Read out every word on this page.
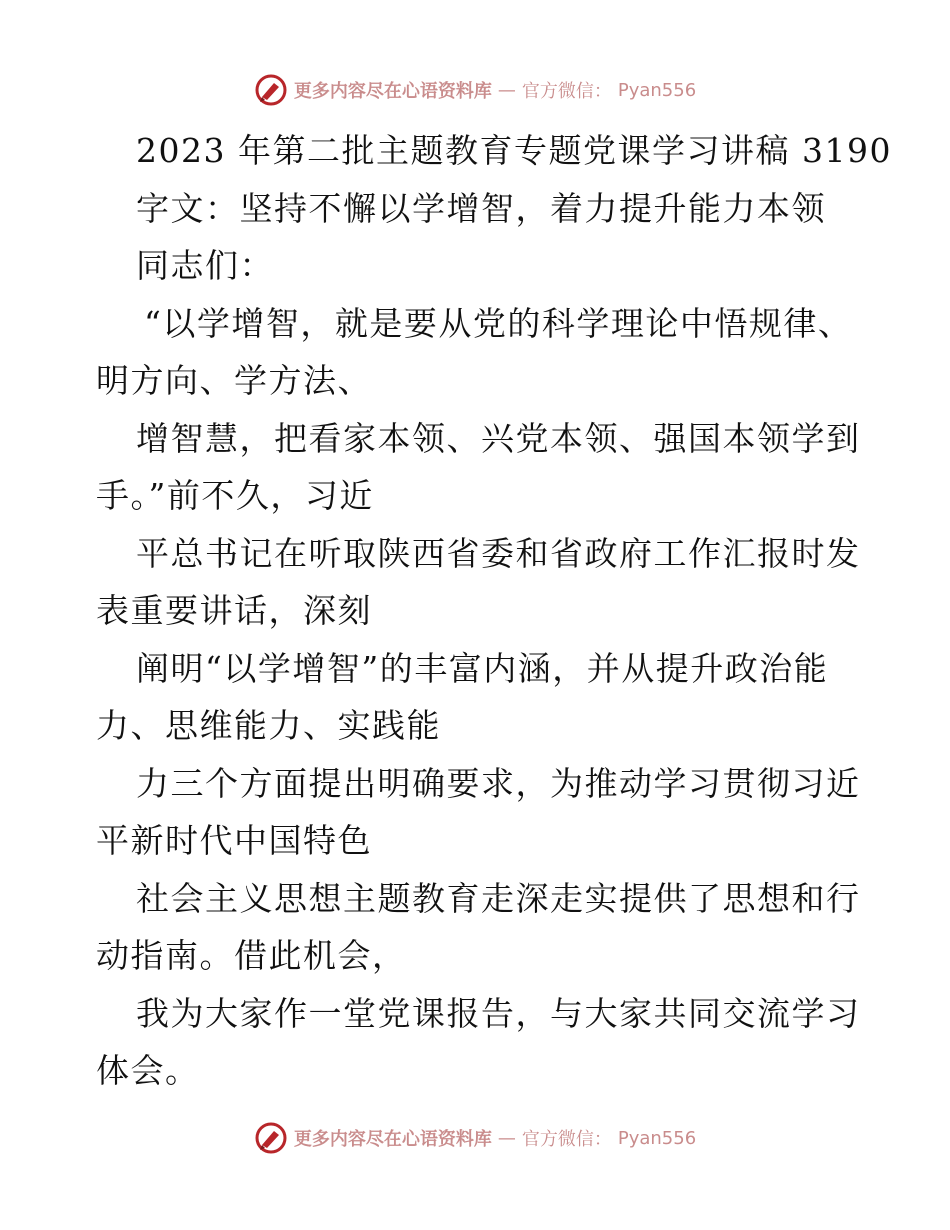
更多内容尽在心语资料库 — 官方微信： Pyan556
2023 年第二批主题教育专题党课学习讲稿 3190
字文：坚持不懈以学增智，着力提升能力本领
同志们：
“以学增智，就是要从党的科学理论中悟规律、
明方向、学方法、
增智慧，把看家本领、兴党本领、强国本领学到
手。”前不久，习近
平总书记在听取陕西省委和省政府工作汇报时发
表重要讲话，深刻
阐明“以学增智”的丰富内涵，并从提升政治能
力、思维能力、实践能
力三个方面提出明确要求，为推动学习贯彻习近
平新时代中国特色
社会主义思想主题教育走深走实提供了思想和行
动指南。借此机会，
我为大家作一堂党课报告，与大家共同交流学习
体会。
更多内容尽在心语资料库 — 官方微信： Pyan556
